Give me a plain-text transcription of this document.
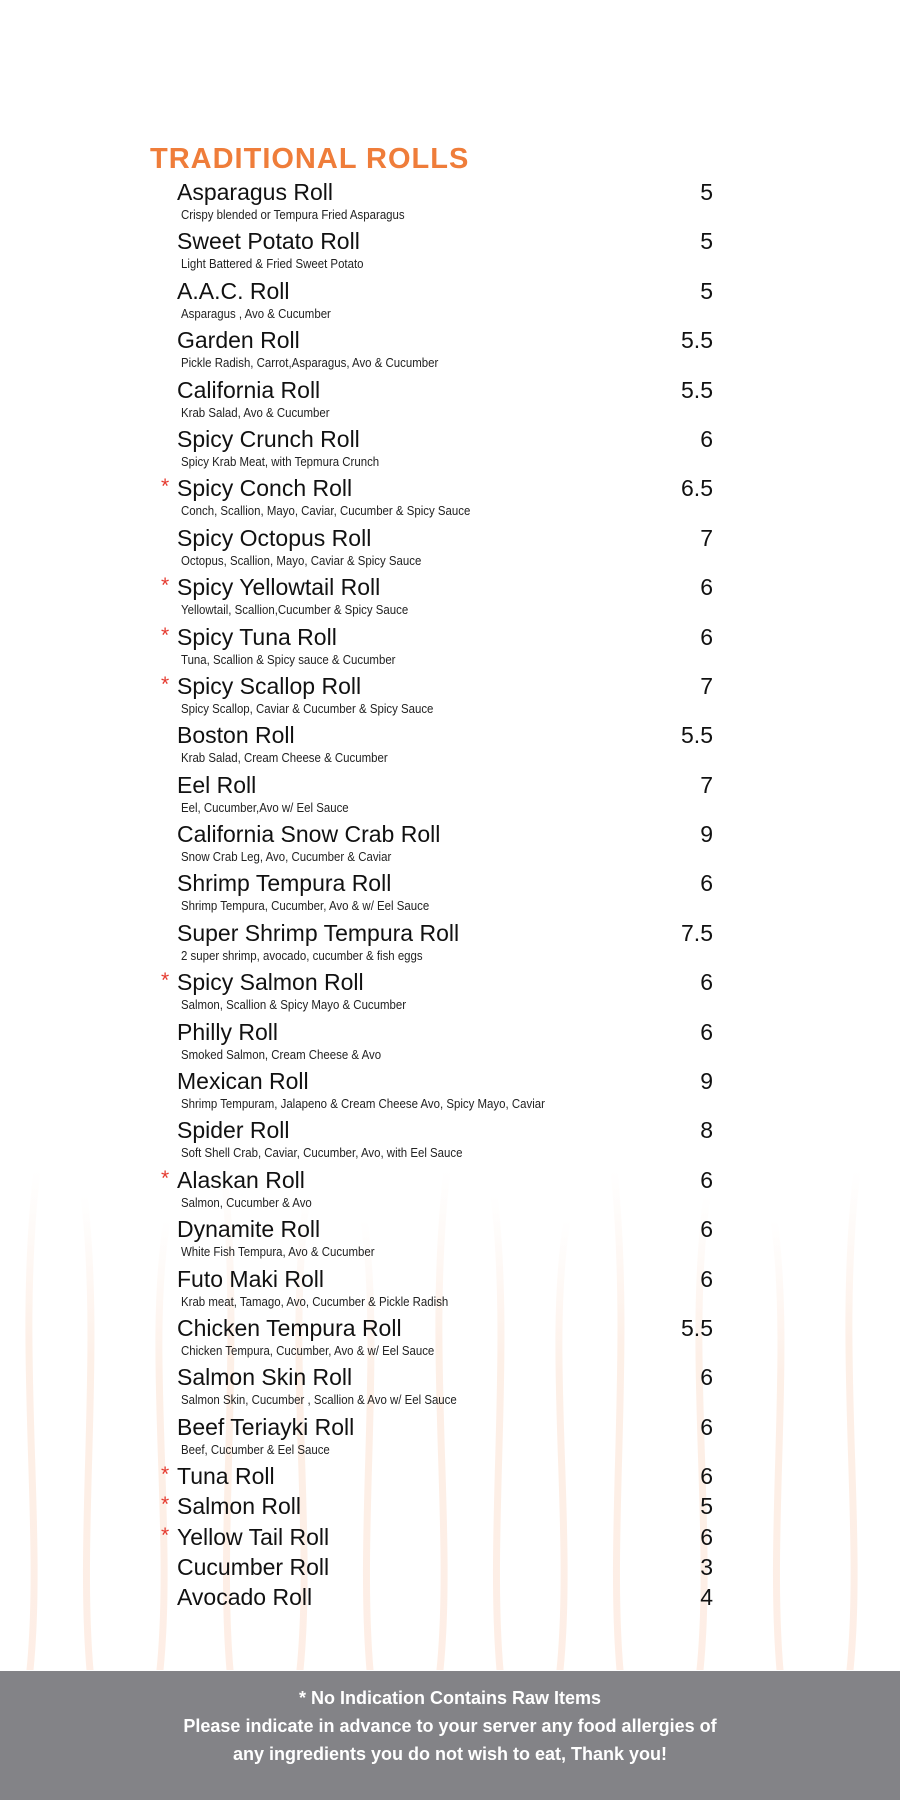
TRADITIONAL ROLLS
Asparagus Roll	5
Crispy blended or Tempura Fried Asparagus
Sweet Potato Roll	5
Light Battered & Fried Sweet Potato
A.A.C. Roll	5
Asparagus , Avo & Cucumber
Garden Roll	5.5
Pickle Radish, Carrot,Asparagus, Avo & Cucumber
California Roll	5.5
Krab Salad, Avo & Cucumber
Spicy Crunch Roll	6
Spicy Krab Meat, with Tepmura Crunch
* Spicy Conch Roll	6.5
Conch, Scallion, Mayo, Caviar, Cucumber & Spicy Sauce
Spicy Octopus Roll	7
Octopus, Scallion, Mayo, Caviar & Spicy Sauce
* Spicy Yellowtail Roll	6
Yellowtail, Scallion,Cucumber & Spicy Sauce
* Spicy Tuna Roll	6
Tuna, Scallion & Spicy sauce & Cucumber
* Spicy Scallop Roll	7
Spicy Scallop, Caviar & Cucumber & Spicy Sauce
Boston Roll	5.5
Krab Salad, Cream Cheese & Cucumber
Eel Roll	7
Eel, Cucumber,Avo w/ Eel Sauce
California Snow Crab Roll	9
Snow Crab Leg, Avo, Cucumber & Caviar
Shrimp Tempura Roll	6
Shrimp Tempura, Cucumber, Avo & w/ Eel Sauce
Super Shrimp Tempura Roll	7.5
2 super shrimp, avocado, cucumber & fish eggs
* Spicy Salmon Roll	6
Salmon, Scallion & Spicy Mayo & Cucumber
Philly Roll	6
Smoked Salmon, Cream Cheese & Avo
Mexican Roll	9
Shrimp Tempuram, Jalapeno & Cream Cheese Avo, Spicy Mayo, Caviar
Spider Roll	8
Soft Shell Crab, Caviar, Cucumber, Avo, with Eel Sauce
* Alaskan Roll	6
Salmon, Cucumber & Avo
Dynamite Roll	6
White Fish Tempura, Avo & Cucumber
Futo Maki Roll	6
Krab meat, Tamago, Avo, Cucumber & Pickle Radish
Chicken Tempura Roll	5.5
Chicken Tempura, Cucumber, Avo & w/ Eel Sauce
Salmon Skin Roll	6
Salmon Skin, Cucumber , Scallion & Avo w/ Eel Sauce
Beef Teriayki Roll	6
Beef, Cucumber & Eel Sauce
* Tuna Roll	6
* Salmon Roll	5
* Yellow Tail Roll	6
Cucumber Roll	3
Avocado Roll	4
* No Indication Contains Raw Items
Please indicate in advance to your server any food allergies of
any ingredients you do not wish to eat, Thank you!
